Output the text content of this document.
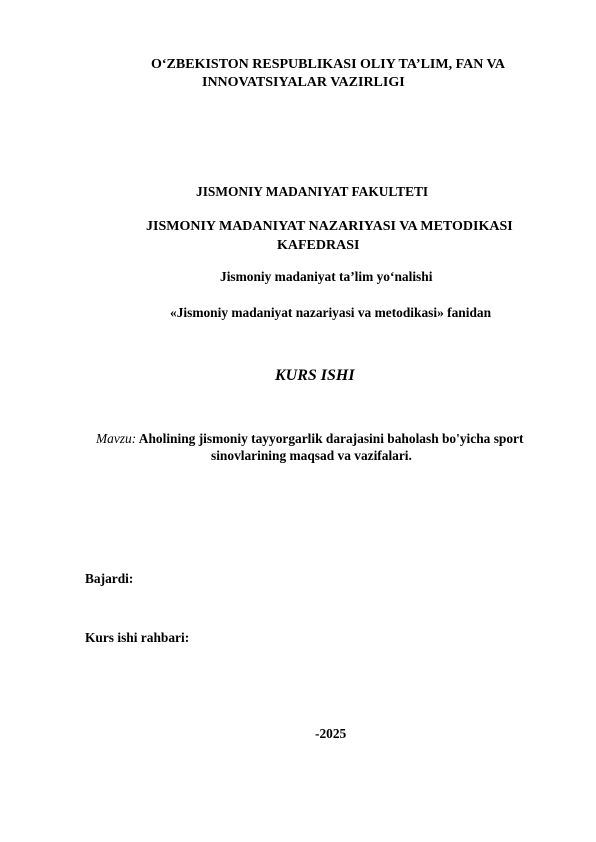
O‘ZBEKISTON RESPUBLIKASI OLIY TA’LIM, FAN VA
INNOVATSIYALAR VAZIRLIGI
JISMONIY MADANIYAT FAKULTETI
JISMONIY MADANIYAT NAZARIYASI VA METODIKASI
KAFEDRASI
Jismoniy madaniyat ta’lim yo‘nalishi
«Jismoniy madaniyat nazariyasi va metodikasi» fanidan
KURS ISHI
Mavzu: Aholining jismoniy tayyorgarlik darajasini baholash bo'yicha sport
sinovlarining maqsad va vazifalari.
Bajardi:
Kurs ishi rahbari:
-2025
